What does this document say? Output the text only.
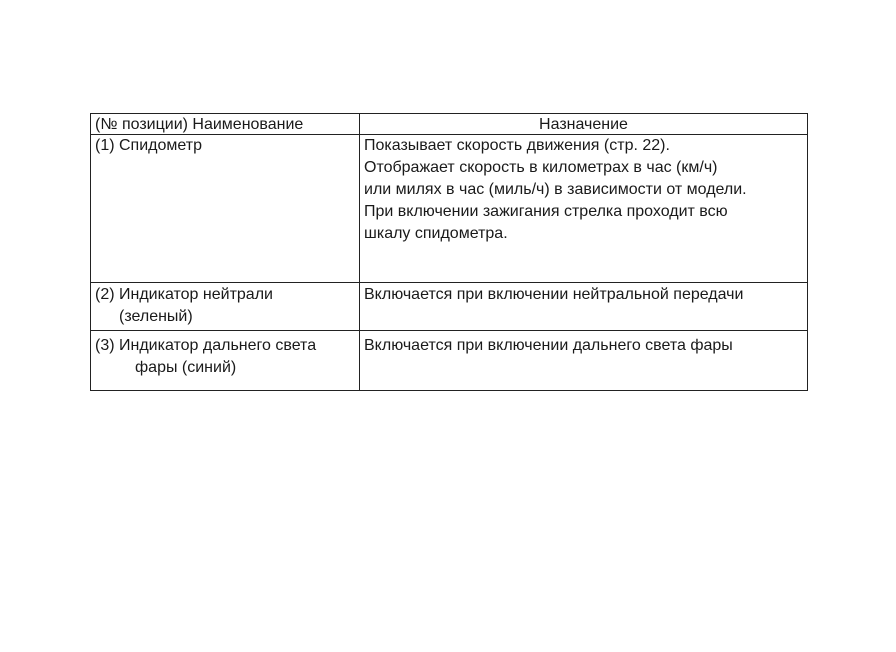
(№ позиции) Наименование	Назначение

(1) Спидометр	Показывает скорость движения (стр. 22).
Отображает скорость в километрах в час (км/ч)
или милях в час (миль/ч) в зависимости от модели.
При включении зажигания стрелка проходит всю
шкалу спидометра.

(2) Индикатор нейтрали
(зеленый)	Включается при включении нейтральной передачи

(3) Индикатор дальнего света
фары (синий)	Включается при включении дальнего света фары
